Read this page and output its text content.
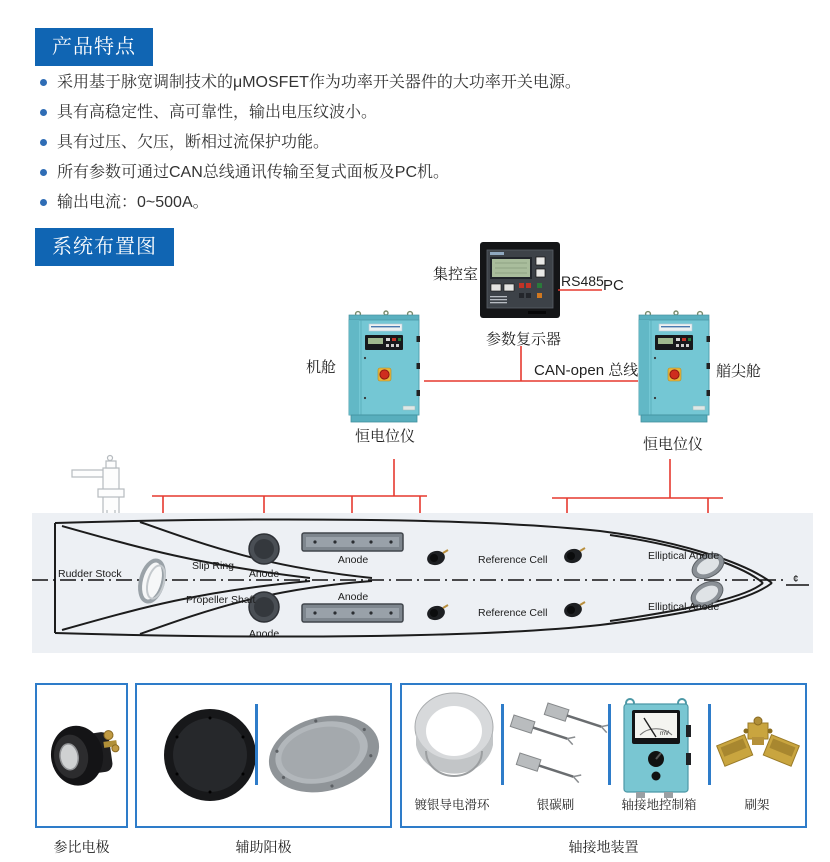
产品特点
采用基于脉宽调制技术的μMOSFET作为功率开关器件的大功率开关电源。
具有高稳定性、高可靠性，输出电压纹波小。
具有过压、欠压，断相过流保护功能。
所有参数可通过CAN总线通讯传输至复式面板及PC机。
输出电流：0~500A。
系统布置图
¢
Rudder Stock
Slip Ring
Propeller Shaft
Anode
Anode
Anode
Anode
Reference Cell
Reference Cell
Elliptical Anode
Elliptical Anode
集控室	RS485 PC
参数复示器
CAN-open 总线
机舱	艏尖舱
恒电位仪	恒电位仪
mV
镀银导电滑环	银碳刷	轴接地控制箱	刷架
参比电极	辅助阳极	轴接地装置
